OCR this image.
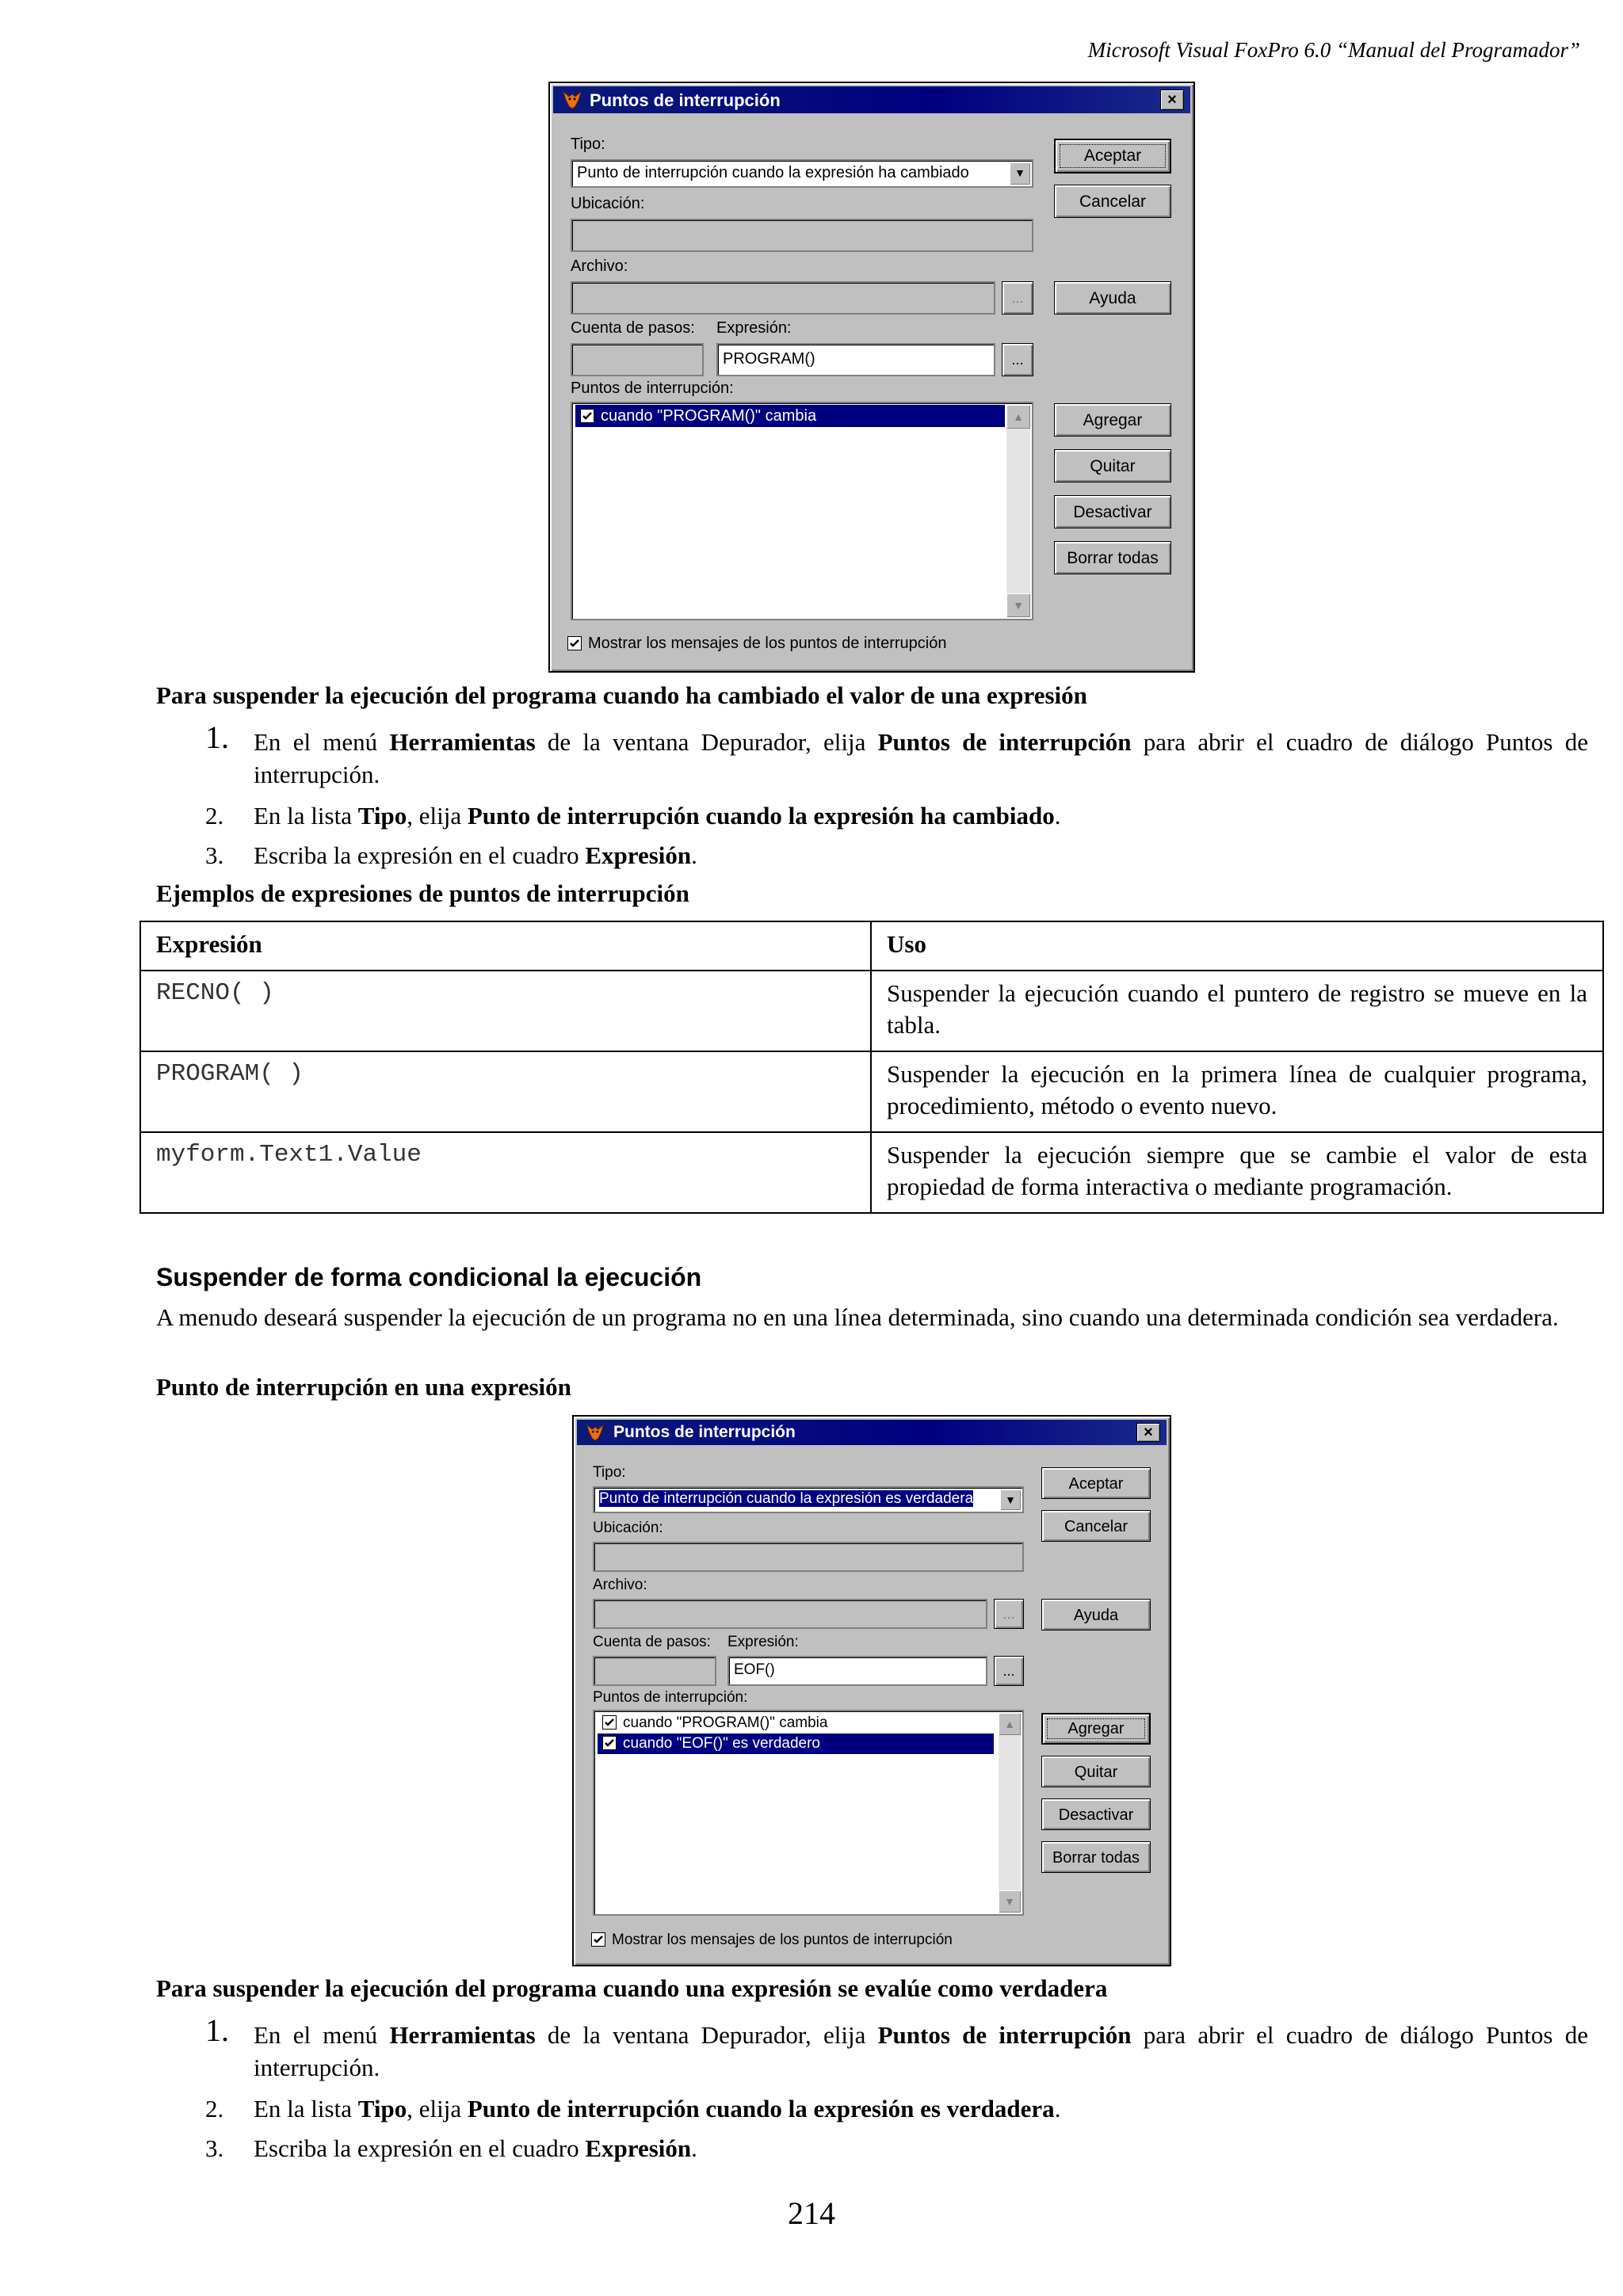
Microsoft Visual FoxPro 6.0 “Manual del Programador”
Puntos de interrupción	×
Tipo:
Punto de interrupción cuando la expresión ha cambiado	▼
Ubicación:
Archivo:
...
Cuenta de pasos: Expresión:
PROGRAM()	...
Puntos de interrupción:
cuando "PROGRAM()" cambia	▲
▼
Aceptar
Cancelar
Ayuda
Agregar
Quitar
Desactivar
Borrar todas
Mostrar los mensajes de los puntos de interrupción
Para suspender la ejecución del programa cuando ha cambiado el valor de una expresión
1.	En el menú Herramientas de la ventana Depurador, elija Puntos de interrupción para abrir el cuadro de diálogo Puntos de interrupción.
2.	En la lista Tipo, elija Punto de interrupción cuando la expresión ha cambiado.
3.	Escriba la expresión en el cuadro Expresión.
Ejemplos de expresiones de puntos de interrupción
Expresión	Uso
RECNO( )	Suspender la ejecución cuando el puntero de registro se mueve en la tabla.
PROGRAM( )	Suspender la ejecución en la primera línea de cualquier programa, procedimiento, método o evento nuevo.
myform.Text1.Value	Suspender la ejecución siempre que se cambie el valor de esta propiedad de forma interactiva o mediante programación.
Suspender de forma condicional la ejecución
A menudo deseará suspender la ejecución de un programa no en una línea determinada, sino cuando una determinada condición sea verdadera.
Punto de interrupción en una expresión
Puntos de interrupción	×
Tipo:
Punto de interrupción cuando la expresión es verdadera	▼
Ubicación:
Archivo:
...
Cuenta de pasos: Expresión:
EOF()	...
Puntos de interrupción:
cuando "PROGRAM()" cambia
cuando "EOF()" es verdadero
▲
▼
Aceptar
Cancelar
Ayuda
Agregar
Quitar
Desactivar
Borrar todas
Mostrar los mensajes de los puntos de interrupción
Para suspender la ejecución del programa cuando una expresión se evalúe como verdadera
1.	En el menú Herramientas de la ventana Depurador, elija Puntos de interrupción para abrir el cuadro de diálogo Puntos de interrupción.
2.	En la lista Tipo, elija Punto de interrupción cuando la expresión es verdadera.
3.	Escriba la expresión en el cuadro Expresión.
214
